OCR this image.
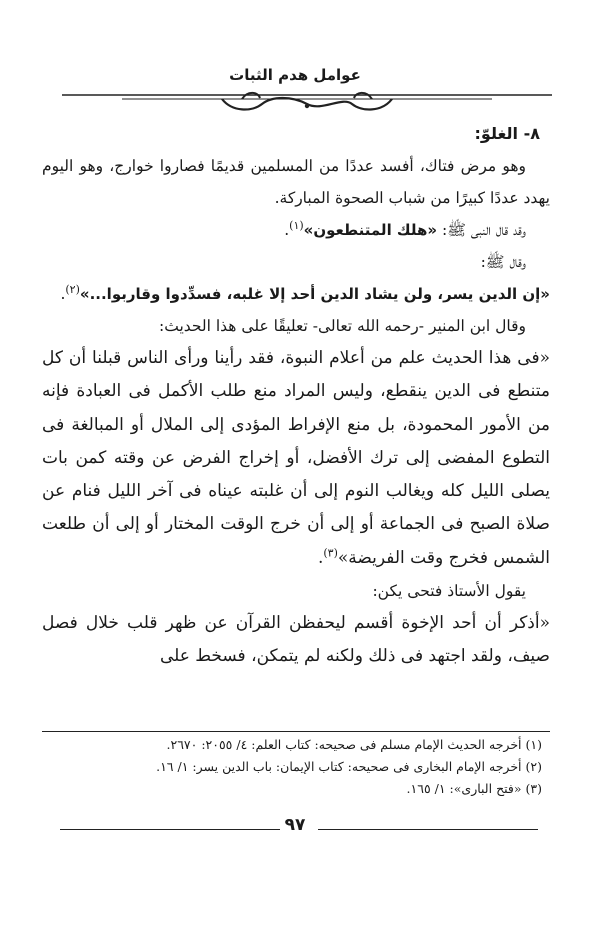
عوامل هدم الثبات

٨- الغلوّ:

وهو مرض فتاك، أفسد عددًا من المسلمين قديمًا فصاروا خوارج، وهو اليوم يهدد عددًا كبيرًا من شباب الصحوة المباركة.

وقد قال النبى ﷺ: «هلك المتنطعون»$^{(١)}$.

وقال ﷺ:

«إن الدين يسر، ولن يشاد الدين أحد إلا غلبه، فسدِّدوا وقاربوا...»$^{(٢)}$.

وقال ابن المنير -رحمه الله تعالى- تعليقًا على هذا الحديث:

«فى هذا الحديث علم من أعلام النبوة، فقد رأينا ورأى الناس قبلنا أن كل متنطع فى الدين ينقطع، وليس المراد منع طلب الأكمل فى العبادة فإنه من الأمور المحمودة، بل منع الإفراط المؤدى إلى الملال أو المبالغة فى التطوع المفضى إلى ترك الأفضل، أو إخراج الفرض عن وقته كمن بات يصلى الليل كله ويغالب النوم إلى أن غلبته عيناه فى آخر الليل فنام عن صلاة الصبح فى الجماعة أو إلى أن خرج الوقت المختار أو إلى أن طلعت الشمس فخرج وقت الفريضة»$^{(٣)}$.

يقول الأستاذ فتحى يكن:

«أذكر أن أحد الإخوة أقسم ليحفظن القرآن عن ظهر قلب خلال فصل صيف، ولقد اجتهد فى ذلك ولكنه لم يتمكن، فسخط على

(١) أخرجه الحديث الإمام مسلم فى صحيحه: كتاب العلم: ٤/ ٢٠٥٥: ٢٦٧٠.

(٢) أخرجه الإمام البخارى فى صحيحه: كتاب الإيمان: باب الدين يسر: ١/ ١٦.

(٣) «فتح البارى»: ١/ ١٦٥.

٩٧
